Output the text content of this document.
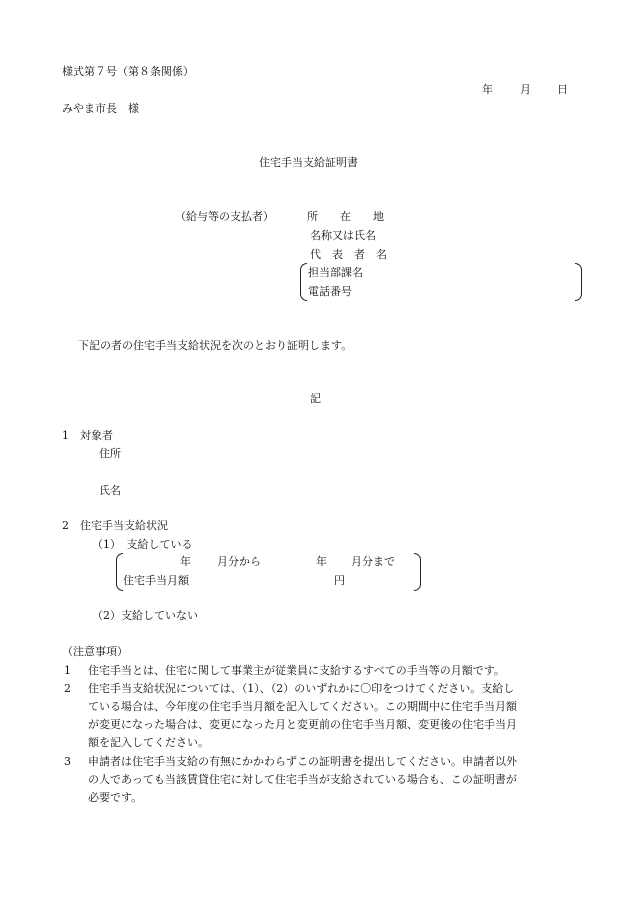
様式第７号（第８条関係）
年 月 日
みやま市長　様
住宅手当支給証明書
（給与等の支払者）	所　　在　　地
名称又は氏名
代　表　者　名
担当部課名
電話番号
下記の者の住宅手当支給状況を次のとおり証明します。
記
1　対象者
住所
氏名
2　住宅手当支給状況
（1）　支給している
年 月分から	年 月分まで
住宅手当月額	円
（2）支給していない
（注意事項）
1 住宅手当とは、住宅に関して事業主が従業員に支給するすべての手当等の月額です。
2 住宅手当支給状況については、（1）、（2）のいずれかに〇印をつけてください。支給し
ている場合は、今年度の住宅手当月額を記入してください。この期間中に住宅手当月額
が変更になった場合は、変更になった月と変更前の住宅手当月額、変更後の住宅手当月
額を記入してください。
3 申請者は住宅手当支給の有無にかかわらずこの証明書を提出してください。申請者以外
の人であっても当該賃貸住宅に対して住宅手当が支給されている場合も、この証明書が
必要です。
